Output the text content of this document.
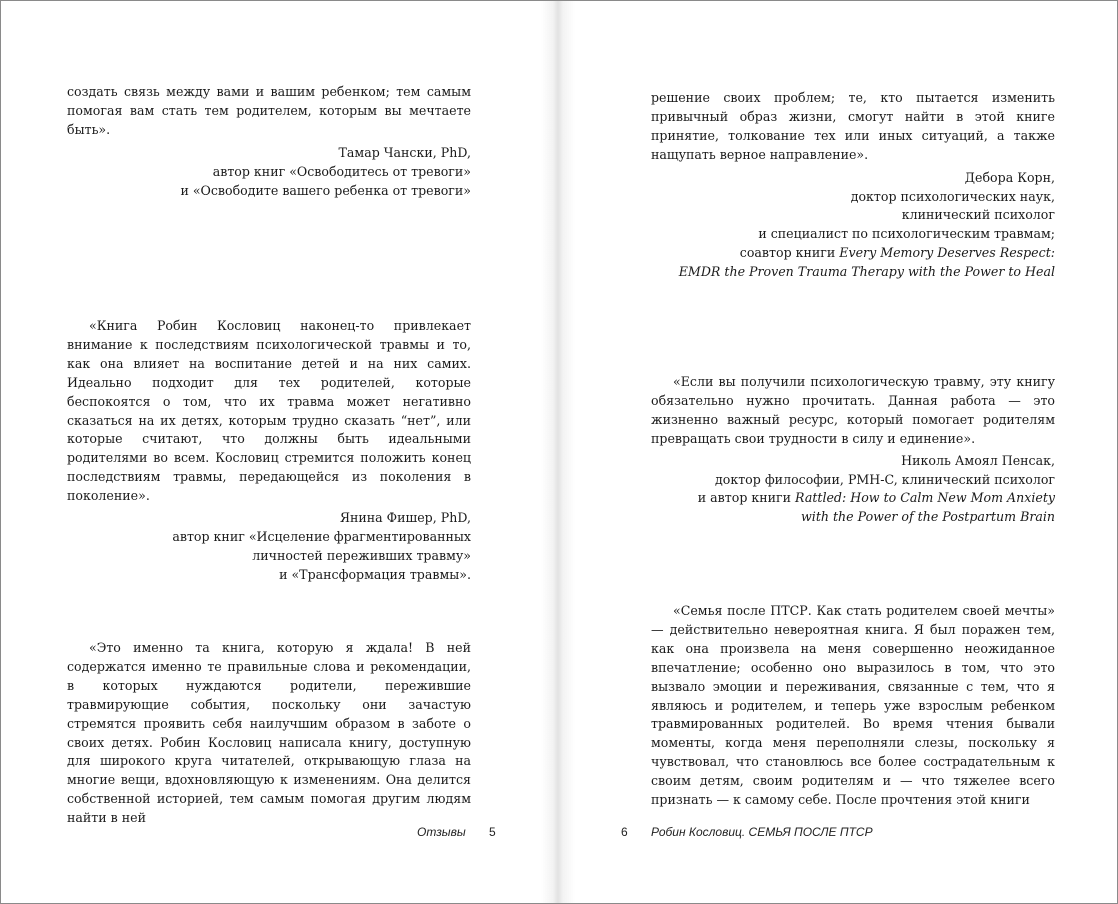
создать связь между вами и вашим ребенком; тем самым помогая вам стать тем родителем, которым вы мечтаете быть».

Тамар Чански, PhD,

автор книг «Освободитесь от тревоги»

и «Освободите вашего ребенка от тревоги»

«Книга Робин Кословиц наконец-то привлекает внимание к последствиям психологической травмы и то, как она влияет на воспитание детей и на них самих. Идеально подходит для тех родителей, которые беспокоятся о том, что их травма может негативно сказаться на их детях, которым трудно сказать “нет”, или которые считают, что должны быть идеальными родителями во всем. Кословиц стремится положить конец последствиям травмы, передающейся из поколения в поколение».

Янина Фишер, PhD,

автор книг «Исцеление фрагментированных

личностей переживших травму»

и «Трансформация травмы».

«Это именно та книга, которую я ждала! В ней содержатся именно те правильные слова и рекомендации, в которых нуждаются родители, пережившие травмирующие события, поскольку они зачастую стремятся проявить себя наилучшим образом в заботе о своих детях. Робин Кословиц написала книгу, доступную для широкого круга читателей, открывающую глаза на многие вещи, вдохновляющую к изменениям. Она делится собственной историей, тем самым помогая другим людям найти в ней

Отзывы 5

решение своих проблем; те, кто пытается изменить привычный образ жизни, смогут найти в этой книге принятие, толкование тех или иных ситуаций, а также нащупать верное направление».

Дебора Корн,

доктор психологических наук,

клинический психолог

и специалист по психологическим травмам;

соавтор книги Every Memory Deserves Respect:

EMDR the Proven Trauma Therapy with the Power to Heal

«Если вы получили психологическую травму, эту книгу обязательно нужно прочитать. Данная работа — это жизненно важный ресурс, который помогает родителям превращать свои трудности в силу и единение».

Николь Амоял Пенсак,

доктор философии, PMH-C, клинический психолог

и автор книги Rattled: How to Calm New Mom Anxiety

with the Power of the Postpartum Brain

«Семья после ПТСР. Как стать родителем своей мечты» — действительно невероятная книга. Я был поражен тем, как она произвела на меня совершенно неожиданное впечатление; особенно оно выразилось в том, что это вызвало эмоции и переживания, связанные с тем, что я являюсь и родителем, и теперь уже взрослым ребенком травмированных родителей. Во время чтения бывали моменты, когда меня переполняли слезы, поскольку я чувствовал, что становлюсь все более сострадательным к своим детям, своим родителям и — что тяжелее всего признать — к самому себе. После прочтения этой книги

6 Робин Кословиц. СЕМЬЯ ПОСЛЕ ПТСР
